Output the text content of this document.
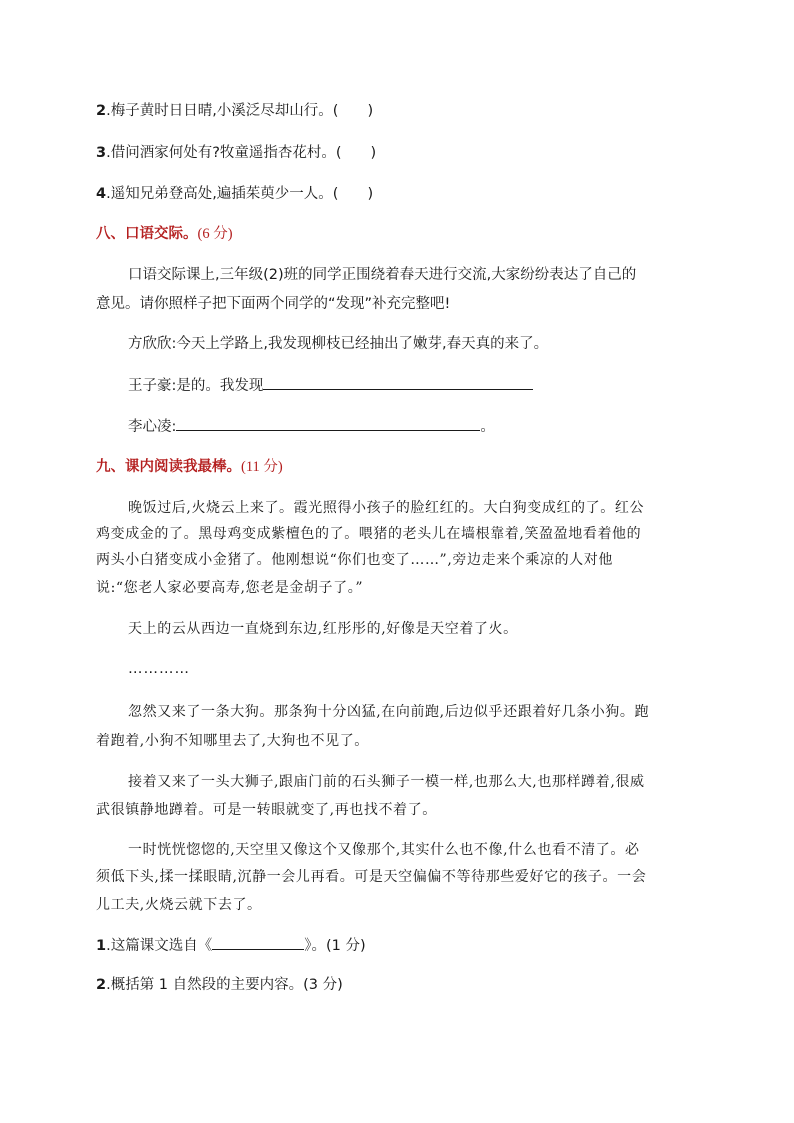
2.梅子黄时日日晴,小溪泛尽却山行。(　　)
3.借问酒家何处有?牧童遥指杏花村。(　　)
4.遥知兄弟登高处,遍插茱萸少一人。(　　)
八、口语交际。(6 分)
口语交际课上,三年级(2)班的同学正围绕着春天进行交流,大家纷纷表达了自己的
意见。请你照样子把下面两个同学的“发现”补充完整吧!
方欣欣:今天上学路上,我发现柳枝已经抽出了嫩芽,春天真的来了。
王子豪:是的。我发现
李心凌:	。
九、课内阅读我最棒。(11 分)
晚饭过后,火烧云上来了。霞光照得小孩子的脸红红的。大白狗变成红的了。红公
鸡变成金的了。黑母鸡变成紫檀色的了。喂猪的老头儿在墙根靠着,笑盈盈地看着他的
两头小白猪变成小金猪了。他刚想说“你们也变了……”,旁边走来个乘凉的人对他
说:“您老人家必要高寿,您老是金胡子了。”
天上的云从西边一直烧到东边,红彤彤的,好像是天空着了火。
…………
忽然又来了一条大狗。那条狗十分凶猛,在向前跑,后边似乎还跟着好几条小狗。跑
着跑着,小狗不知哪里去了,大狗也不见了。
接着又来了一头大狮子,跟庙门前的石头狮子一模一样,也那么大,也那样蹲着,很威
武很镇静地蹲着。可是一转眼就变了,再也找不着了。
一时恍恍惚惚的,天空里又像这个又像那个,其实什么也不像,什么也看不清了。必
须低下头,揉一揉眼睛,沉静一会儿再看。可是天空偏偏不等待那些爱好它的孩子。一会
儿工夫,火烧云就下去了。
1.这篇课文选自《	》。(1 分)
2.概括第 1 自然段的主要内容。(3 分)
